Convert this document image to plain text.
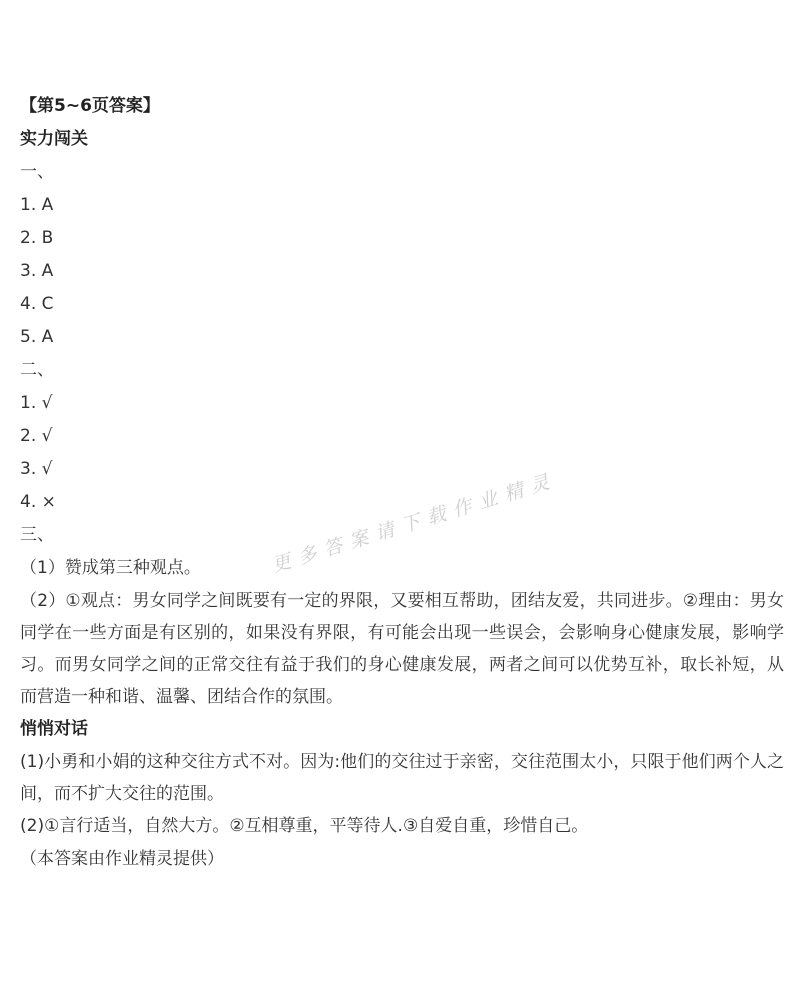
【第5~6页答案】
实力闯关
一、
1. A
2. B
3. A
4. C
5. A
二、
1. √
2. √
3. √
4. ×
三、
（1）赞成第三种观点。
（2）①观点：男女同学之间既要有一定的界限，又要相互帮助，团结友爱，共同进步。②理由：男女同学在一些方面是有区别的，如果没有界限，有可能会出现一些误会，会影响身心健康发展，影响学习。而男女同学之间的正常交往有益于我们的身心健康发展，两者之间可以优势互补，取长补短，从而营造一种和谐、温馨、团结合作的氛围。
悄悄对话
(1)小勇和小娟的这种交往方式不对。因为:他们的交往过于亲密，交往范围太小，只限于他们两个人之间，而不扩大交往的范围。
(2)①言行适当，自然大方。②互相尊重，平等待人.③自爱自重，珍惜自己。
（本答案由作业精灵提供）
更多答案请下载作业精灵
